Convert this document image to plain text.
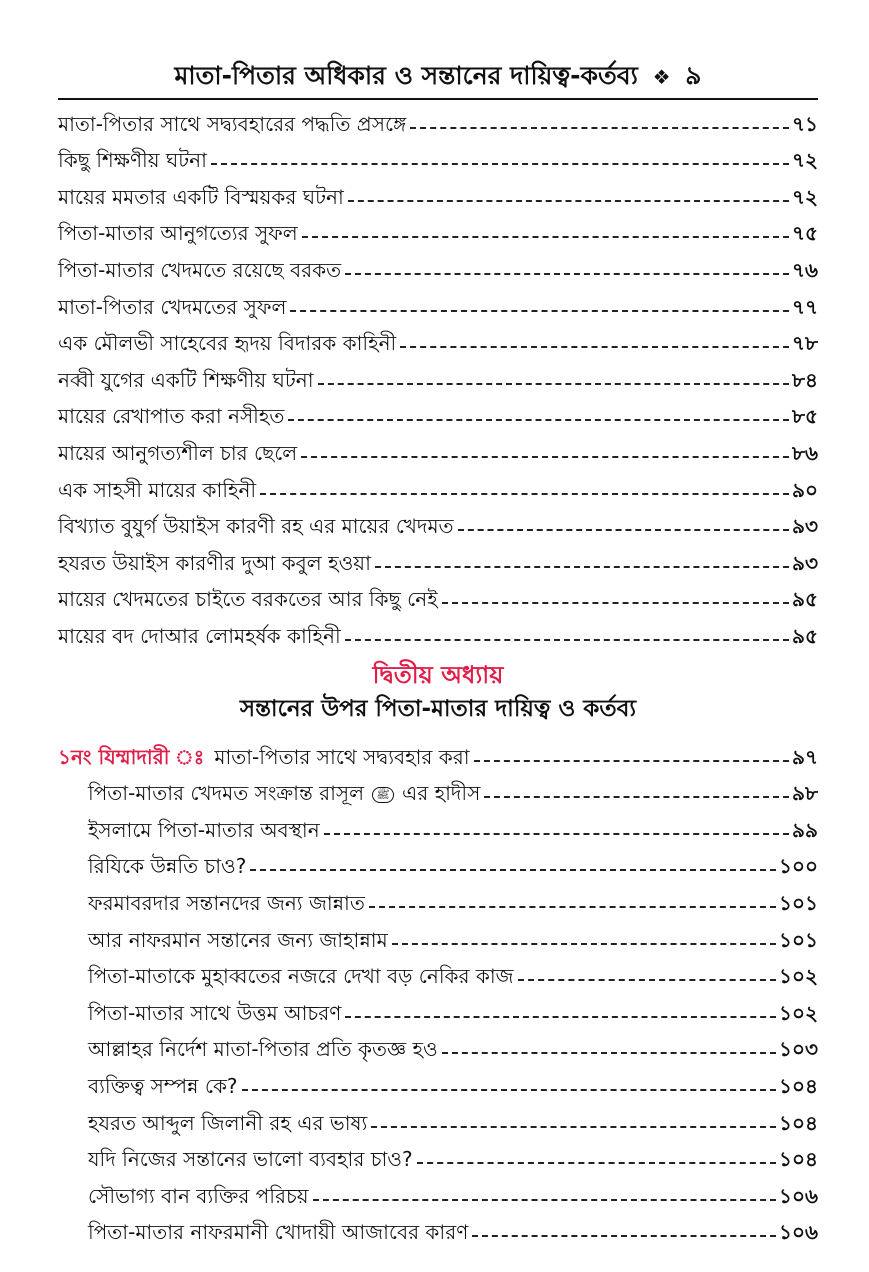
মাতা-পিতার অধিকার ও সন্তানের দায়িত্ব-কর্তব্য ❖ ৯
মাতা-পিতার সাথে সদ্ব্যবহারের পদ্ধতি প্রসঙ্গে	৭১
কিছু শিক্ষণীয় ঘটনা	৭২
মায়ের মমতার একটি বিস্ময়কর ঘটনা	৭২
পিতা-মাতার আনুগত্যের সুফল	৭৫
পিতা-মাতার খেদমতে রয়েছে বরকত	৭৬
মাতা-পিতার খেদমতের সুফল	৭৭
এক মৌলভী সাহেবের হৃদয় বিদারক কাহিনী	৭৮
নব্বী যুগের একটি শিক্ষণীয় ঘটনা	৮৪
মায়ের রেখাপাত করা নসীহত	৮৫
মায়ের আনুগত্যশীল চার ছেলে	৮৬
এক সাহসী মায়ের কাহিনী	৯০
বিখ্যাত বুযুর্গ উয়াইস কারণী রহ এর মায়ের খেদমত	৯৩
হযরত উয়াইস কারণীর দুআ কবুল হওয়া	৯৩
মায়ের খেদমতের চাইতে বরকতের আর কিছু নেই	৯৫
মায়ের বদ দোআর লোমহর্ষক কাহিনী	৯৫
দ্বিতীয় অধ্যায়
সন্তানের উপর পিতা-মাতার দায়িত্ব ও কর্তব্য
১নং যিম্মাদারী ঃ মাতা-পিতার সাথে সদ্ব্যবহার করা	৯৭
পিতা-মাতার খেদমত সংক্রান্ত রাসূল ﷺ এর হাদীস	৯৮
ইসলামে পিতা-মাতার অবস্থান	৯৯
রিযিকে উন্নতি চাও?	১০০
ফরমাবরদার সন্তানদের জন্য জান্নাত	১০১
আর নাফরমান সন্তানের জন্য জাহান্নাম	১০১
পিতা-মাতাকে মুহাব্বতের নজরে দেখা বড় নেকির কাজ	১০২
পিতা-মাতার সাথে উত্তম আচরণ	১০২
আল্লাহর নির্দেশ মাতা-পিতার প্রতি কৃতজ্ঞ হও	১০৩
ব্যক্তিত্ব সম্পন্ন কে?	১০৪
হযরত আব্দুল জিলানী রহ এর ভাষ্য	১০৪
যদি নিজের সন্তানের ভালো ব্যবহার চাও?	১০৪
সৌভাগ্য বান ব্যক্তির পরিচয়	১০৬
পিতা-মাতার নাফরমানী খোদায়ী আজাবের কারণ	১০৬
